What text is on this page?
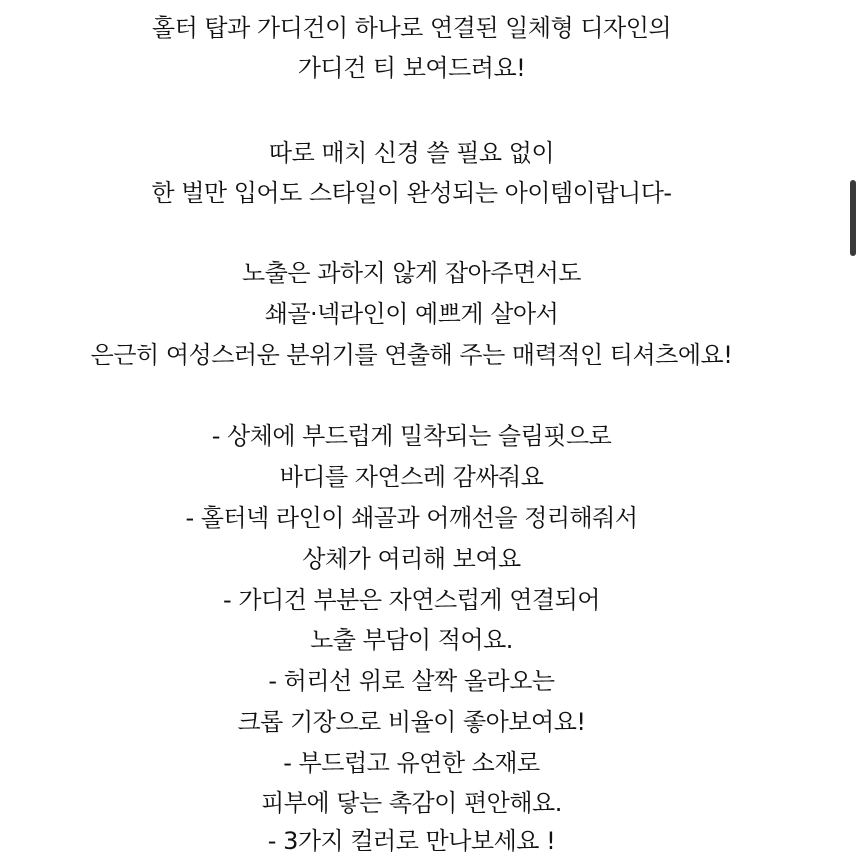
홀터 탑과 가디건이 하나로 연결된 일체형 디자인의
가디건 티 보여드려요!
따로 매치 신경 쓸 필요 없이
한 벌만 입어도 스타일이 완성되는 아이템이랍니다-
노출은 과하지 않게 잡아주면서도
쇄골·넥라인이 예쁘게 살아서
은근히 여성스러운 분위기를 연출해 주는 매력적인 티셔츠에요!
- 상체에 부드럽게 밀착되는 슬림핏으로
바디를 자연스레 감싸줘요
- 홀터넥 라인이 쇄골과 어깨선을 정리해줘서
상체가 여리해 보여요
- 가디건 부분은 자연스럽게 연결되어
노출 부담이 적어요.
- 허리선 위로 살짝 올라오는
크롭 기장으로 비율이 좋아보여요!
- 부드럽고 유연한 소재로
피부에 닿는 촉감이 편안해요.
- 3가지 컬러로 만나보세요 !
